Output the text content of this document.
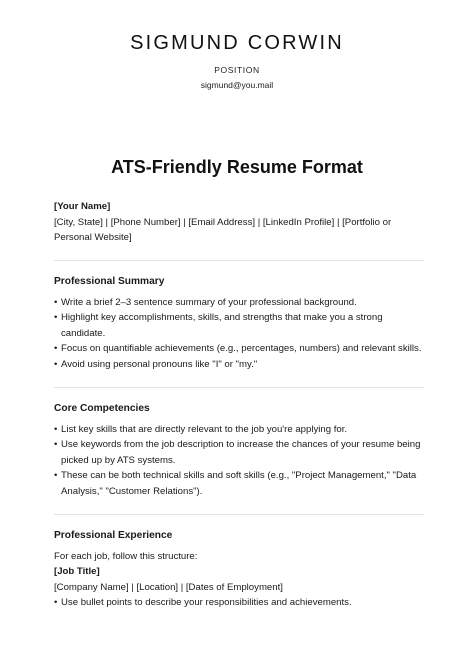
SIGMUND CORWIN
POSITION
sigmund@you.mail
ATS-Friendly Resume Format
[Your Name]
[City, State] | [Phone Number] | [Email Address] | [LinkedIn Profile] | [Portfolio or Personal Website]
Professional Summary
• Write a brief 2–3 sentence summary of your professional background.
• Highlight key accomplishments, skills, and strengths that make you a strong candidate.
• Focus on quantifiable achievements (e.g., percentages, numbers) and relevant skills.
• Avoid using personal pronouns like "I" or "my."
Core Competencies
• List key skills that are directly relevant to the job you're applying for.
• Use keywords from the job description to increase the chances of your resume being picked up by ATS systems.
• These can be both technical skills and soft skills (e.g., "Project Management," "Data Analysis," "Customer Relations").
Professional Experience
For each job, follow this structure:
[Job Title]
[Company Name] | [Location] | [Dates of Employment]
• Use bullet points to describe your responsibilities and achievements.
